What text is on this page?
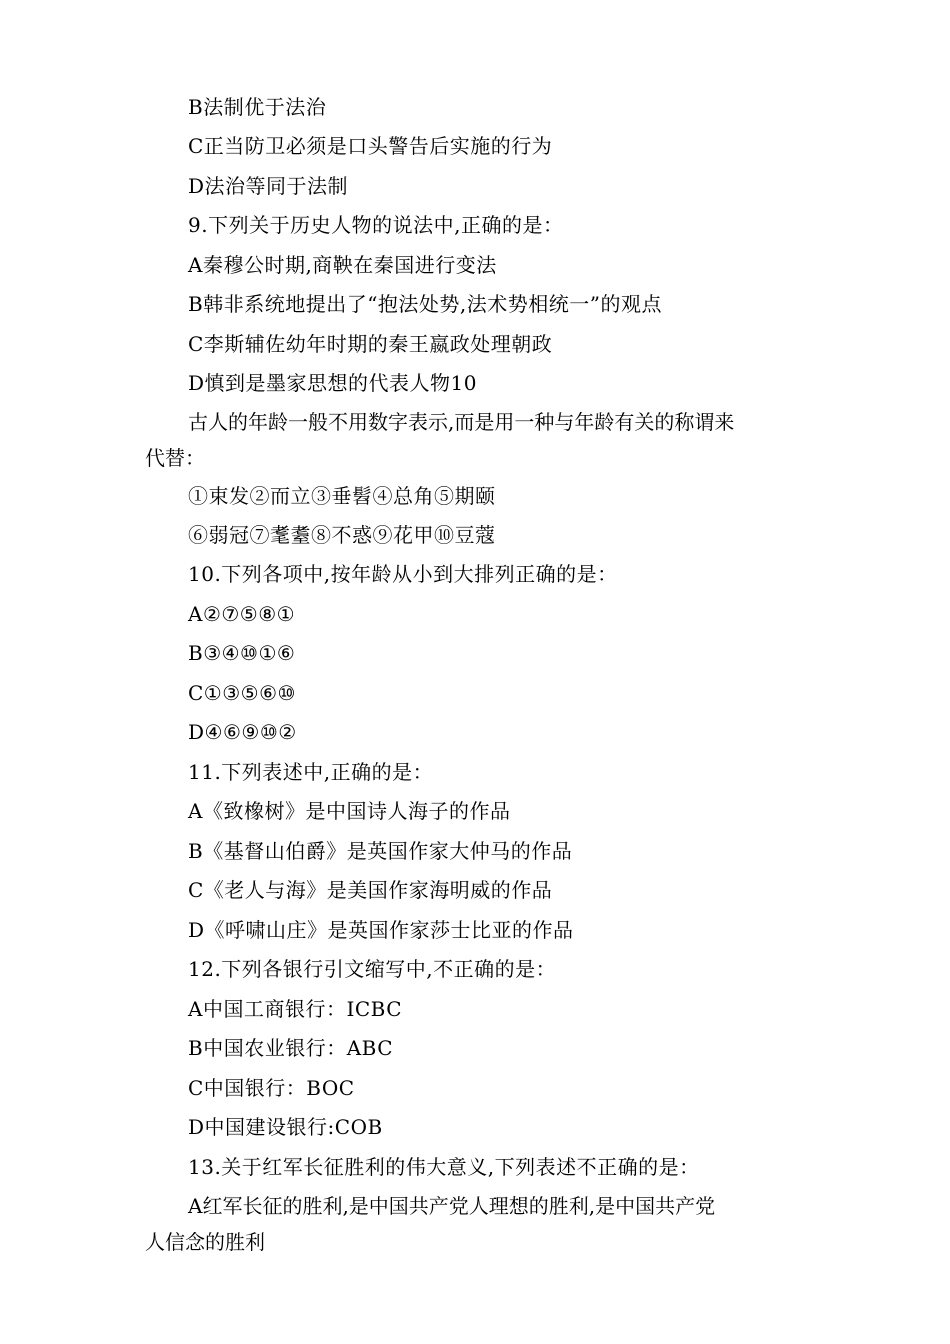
B法制优于法治
C正当防卫必须是口头警告后实施的行为
D法治等同于法制
9.下列关于历史人物的说法中,正确的是：
A秦穆公时期,商鞅在秦国进行变法
B韩非系统地提出了“抱法处势,法术势相统一”的观点
C李斯辅佐幼年时期的秦王嬴政处理朝政
D慎到是墨家思想的代表人物10
古人的年龄一般不用数字表示,而是用一种与年龄有关的称谓来
代替：
①束发②而立③垂髫④总角⑤期颐
⑥弱冠⑦耄耋⑧不惑⑨花甲⑩豆蔻
10.下列各项中,按年龄从小到大排列正确的是：
A②⑦⑤⑧①
B③④⑩①⑥
C①③⑤⑥⑩
D④⑥⑨⑩②
11.下列表述中,正确的是：
A《致橡树》是中国诗人海子的作品
B《基督山伯爵》是英国作家大仲马的作品
C《老人与海》是美国作家海明威的作品
D《呼啸山庄》是英国作家莎士比亚的作品
12.下列各银行引文缩写中,不正确的是：
A中国工商银行：ICBC
B中国农业银行：ABC
C中国银行：BOC
D中国建设银行:COB
13.关于红军长征胜利的伟大意义,下列表述不正确的是：
A红军长征的胜利,是中国共产党人理想的胜利,是中国共产党
人信念的胜利
